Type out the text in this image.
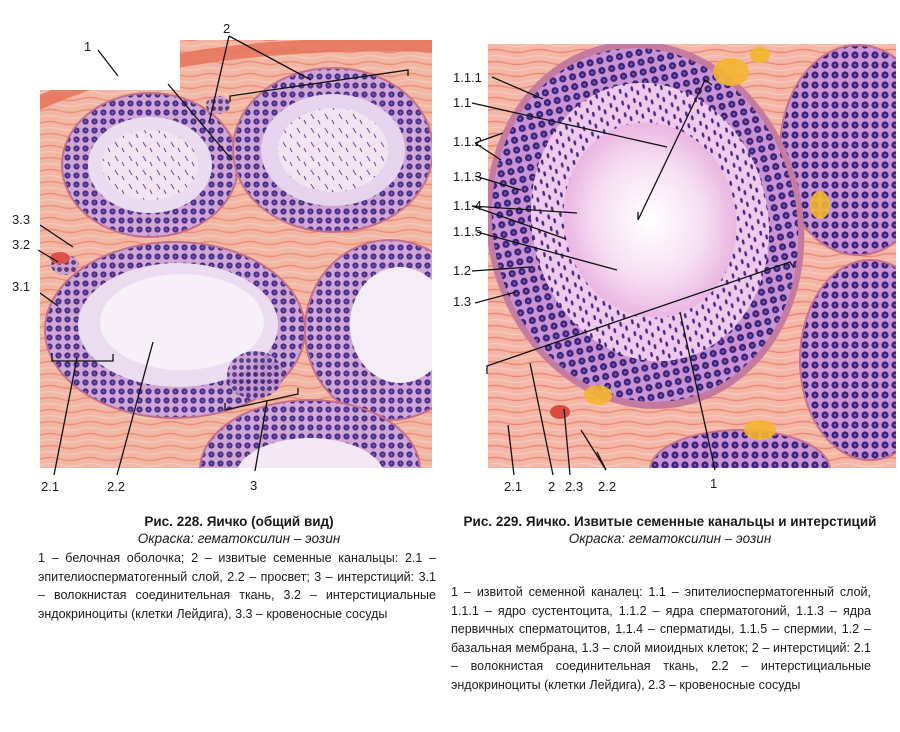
1
2
3.3
3.2
3.1
2.1	2.2	3
1.1.1
1.1
1.1.2
1.1.3
1.1.4
1.1.5
1.2
1.3
2.1 2 2.3 2.2	1
Рис. 228. Яичко (общий вид)
Окраска: гематоксилин – эозин
1 – белочная оболочка; 2 – извитые семенные канальцы: 2.1 – эпителиосперматогенный слой, 2.2 – просвет; 3 – интерстиций: 3.1 – волокнистая соединительная ткань, 3.2 – интерстициальные эндокриноциты (клетки Лейдига), 3.3 – кровеносные сосуды
Рис. 229. Яичко. Извитые семенные канальцы и интерстиций
Окраска: гематоксилин – эозин
1 – извитой семенной каналец: 1.1 – эпителиосперматогенный слой, 1.1.1 – ядро сустентоцита, 1.1.2 – ядра сперматогоний, 1.1.3 – ядра первичных сперматоцитов, 1.1.4 – сперматиды, 1.1.5 – спермии, 1.2 – базальная мембрана, 1.3 – слой миоидных клеток; 2 – интерстиций: 2.1 – волокнистая соединительная ткань, 2.2 – интерстициальные эндокриноциты (клетки Лейдига), 2.3 – кровеносные сосуды
